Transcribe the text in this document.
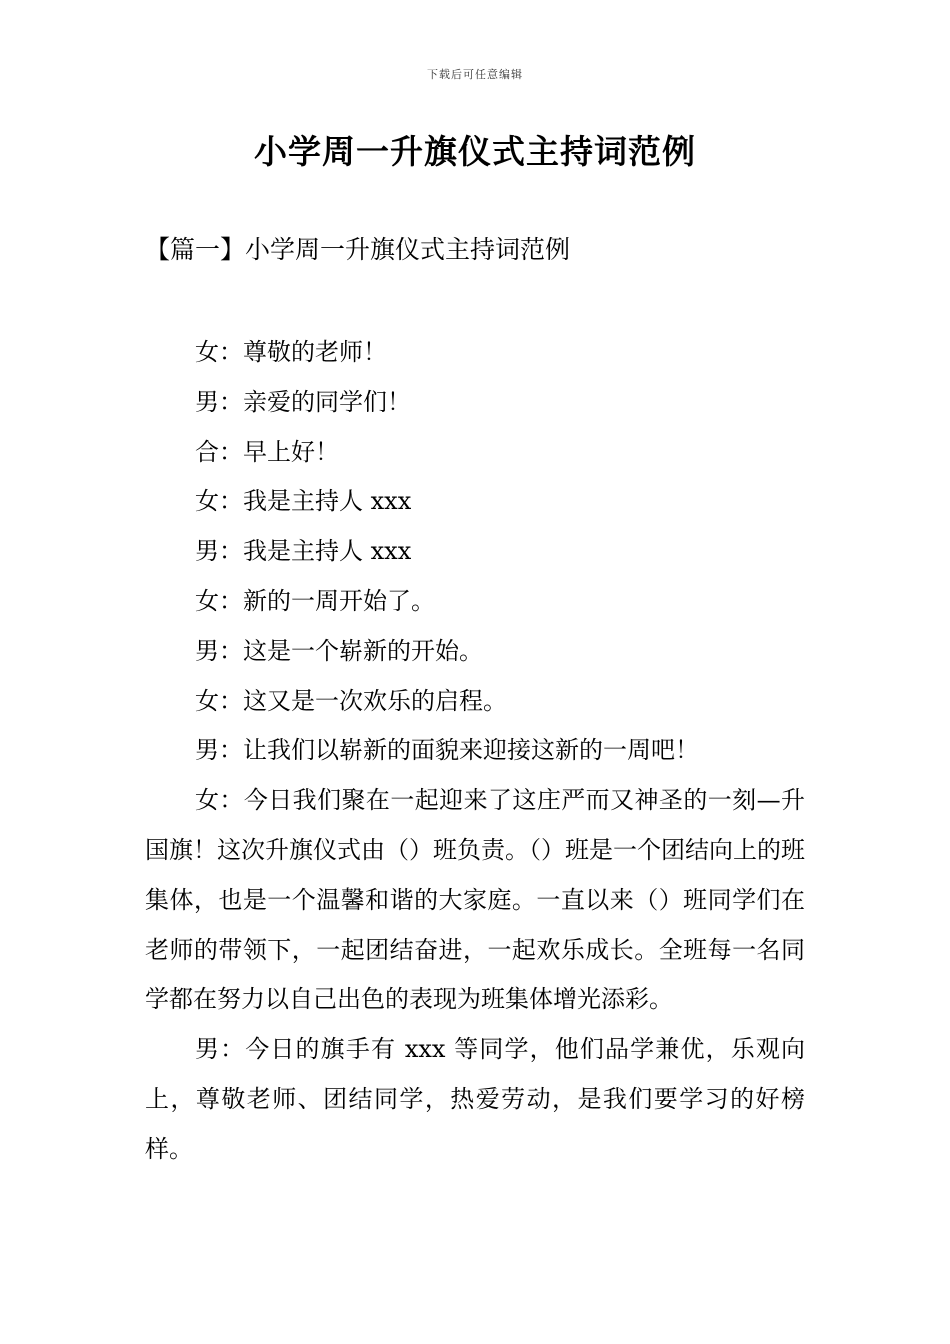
下载后可任意编辑
小学周一升旗仪式主持词范例
【篇一】小学周一升旗仪式主持词范例
女：尊敬的老师！
男：亲爱的同学们！
合：早上好！
女：我是主持人 xxx
男：我是主持人 xxx
女：新的一周开始了。
男：这是一个崭新的开始。
女：这又是一次欢乐的启程。
男：让我们以崭新的面貌来迎接这新的一周吧！
女：今日我们聚在一起迎来了这庄严而又神圣的一刻—升国旗！这次升旗仪式由（）班负责。（）班是一个团结向上的班集体，也是一个温馨和谐的大家庭。一直以来（）班同学们在老师的带领下，一起团结奋进，一起欢乐成长。全班每一名同学都在努力以自己出色的表现为班集体增光添彩。
男：今日的旗手有 xxx 等同学，他们品学兼优，乐观向上，尊敬老师、团结同学，热爱劳动，是我们要学习的好榜样。
